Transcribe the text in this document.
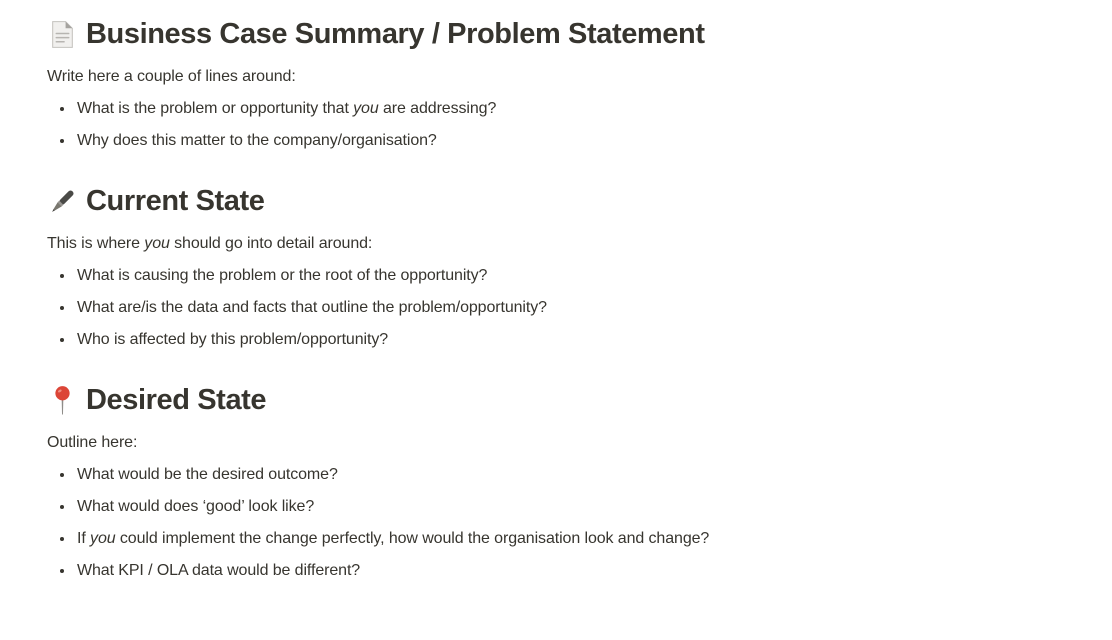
Business Case Summary / Problem Statement

Write here a couple of lines around:

• What is the problem or opportunity that you are addressing?
• Why does this matter to the company/organisation?
Current State

This is where you should go into detail around:

• What is causing the problem or the root of the opportunity?
• What are/is the data and facts that outline the problem/opportunity?
• Who is affected by this problem/opportunity?
Desired State

Outline here:

• What would be the desired outcome?
• What would does ‘good’ look like?
• If you could implement the change perfectly, how would the organisation look and change?
• What KPI / OLA data would be different?
